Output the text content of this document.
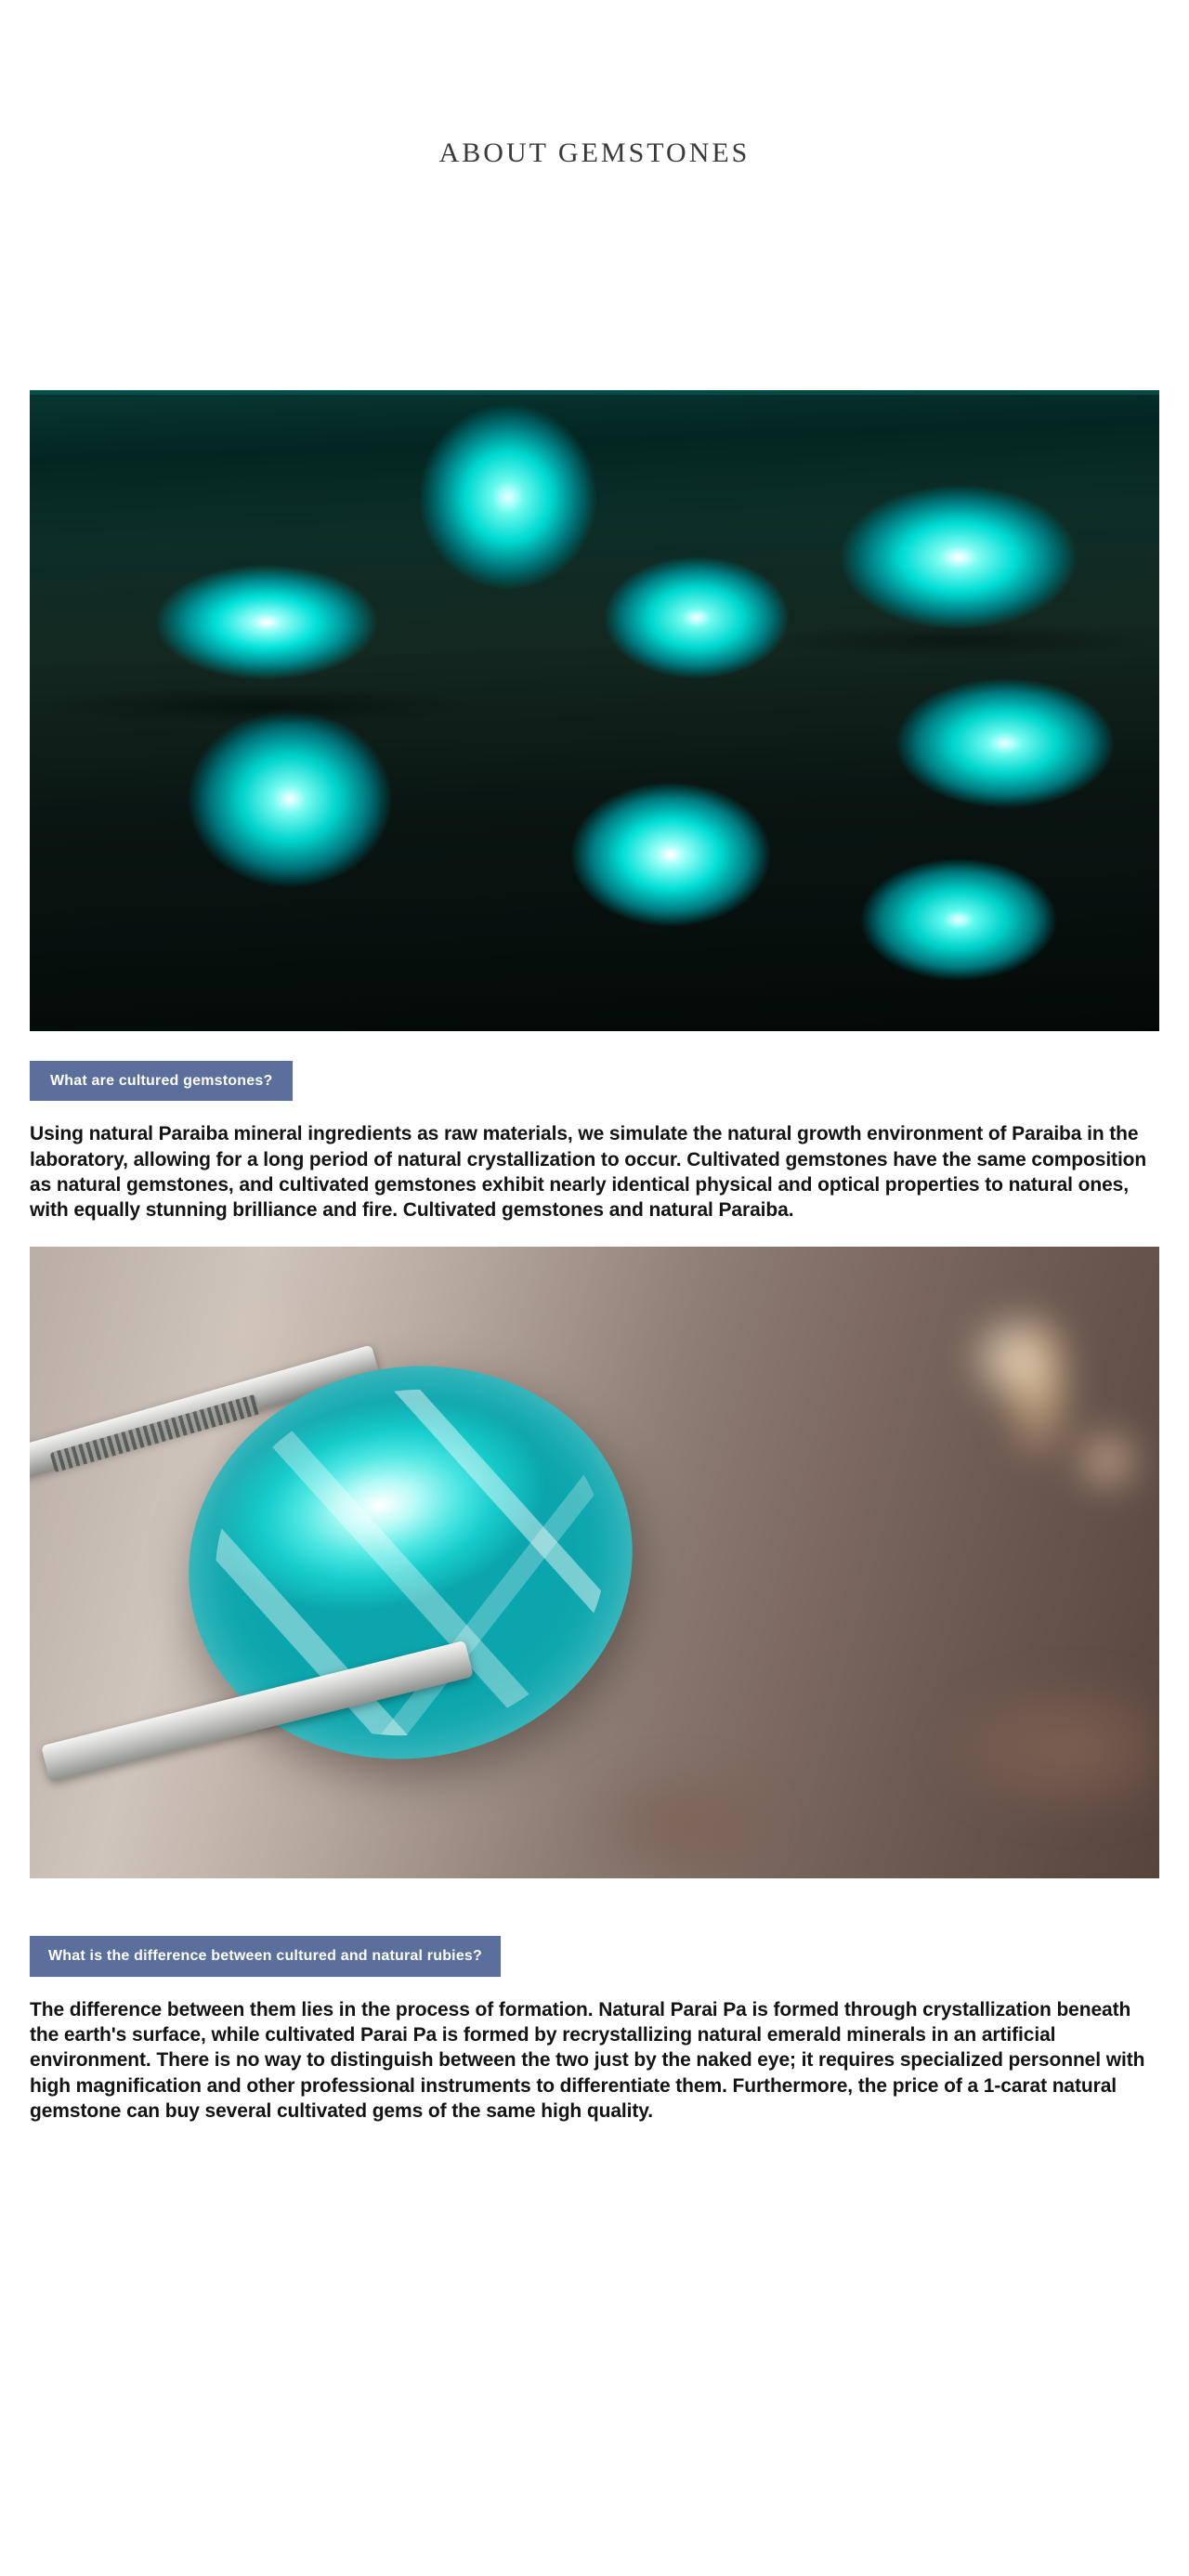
ABOUT GEMSTONES
What are cultured gemstones?

Using natural Paraiba mineral ingredients as raw materials, we simulate the natural growth environment of Paraiba in the laboratory, allowing for a long period of natural crystallization to occur. Cultivated gemstones have the same composition as natural gemstones, and cultivated gemstones exhibit nearly identical physical and optical properties to natural ones, with equally stunning brilliance and fire. Cultivated gemstones and natural Paraiba.

What is the difference between cultured and natural rubies?

The difference between them lies in the process of formation. Natural Parai Pa is formed through crystallization beneath the earth's surface, while cultivated Parai Pa is formed by recrystallizing natural emerald minerals in an artificial environment. There is no way to distinguish between the two just by the naked eye; it requires specialized personnel with high magnification and other professional instruments to differentiate them. Furthermore, the price of a 1-carat natural gemstone can buy several cultivated gems of the same high quality.
